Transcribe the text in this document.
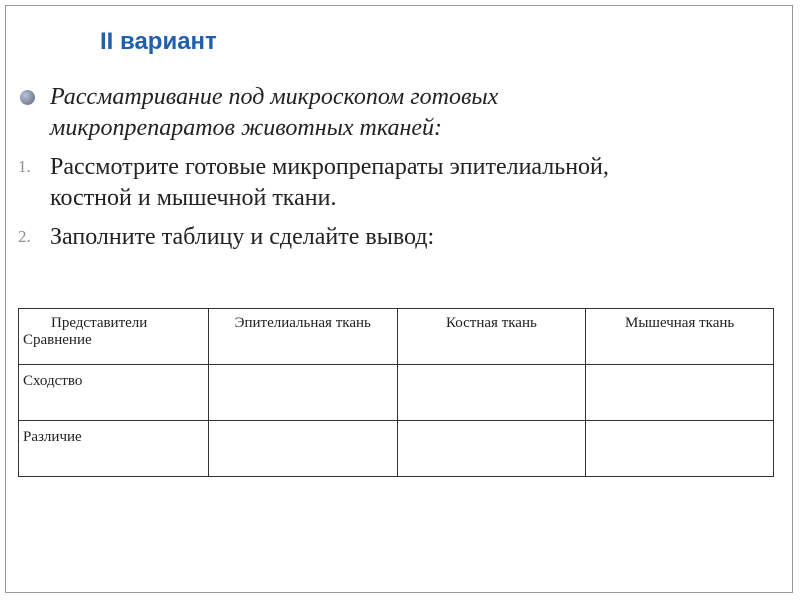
II вариант
Рассматривание под микроскопом готовых
микропрепаратов животных тканей:
1. Рассмотрите готовые микропрепараты эпителиальной,
костной и мышечной ткани.
2. Заполните таблицу и сделайте вывод:
Представители
Сравнение	Эпителиальная ткань	Костная ткань	Мышечная ткань
Сходство			
Различие			
